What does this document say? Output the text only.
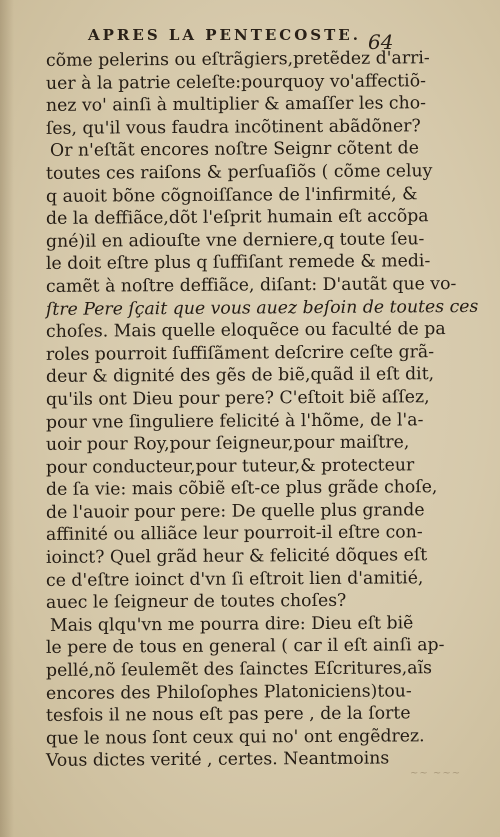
APRES LA PENTECOSTE. 64
cõme pelerins ou eſtrãgiers,pretẽdez d'arri-
uer à la patrie celeſte:pourquoy vo'affectiõ-
nez vo' ainſi à multiplier & amaſſer les cho-
ſes, qu'il vous faudra incõtinent abãdõner?
Or n'eſtãt encores noſtre Seignr cõtent de
toutes ces raiſons & perſuaſiõs ( cõme celuy
q auoit bõne cõgnoiſſance de l'infirmité, &
de la deffiãce,dõt l'eſprit humain eſt accõpa
gné)il en adiouſte vne derniere,q toute ſeu-
le doit eſtre plus q ſuffiſant remede & medi-
camẽt à noſtre deffiãce, diſant: D'autãt que vo-
ſtre Pere ſçait que vous auez beſoin de toutes ces
choſes. Mais quelle eloquẽce ou faculté de pa
roles pourroit ſuffiſãment deſcrire ceſte grã-
deur & dignité des gẽs de biẽ,quãd il eſt dit,
qu'ils ont Dieu pour pere? C'eſtoit biẽ aſſez,
pour vne ſinguliere felicité à l'hõme, de l'a-
uoir pour Roy,pour ſeigneur,pour maiſtre,
pour conducteur,pour tuteur,& protecteur
de ſa vie: mais cõbiẽ eſt-ce plus grãde choſe,
de l'auoir pour pere: De quelle plus grande
affinité ou alliãce leur pourroit-il eſtre con-
ioinct? Quel grãd heur & felicité dõques eſt
ce d'eſtre ioinct d'vn ſi eſtroit lien d'amitié,
auec le ſeigneur de toutes choſes?
Mais qlqu'vn me pourra dire: Dieu eſt biẽ
le pere de tous en general ( car il eſt ainſi ap-
pellé,nõ ſeulemẽt des ſainctes Eſcritures,aĩs
encores des Philoſophes Platoniciens)tou-
tesfois il ne nous eſt pas pere , de la ſorte
que le nous ſont ceux qui no' ont engẽdrez.
Vous dictes verité , certes. Neantmoins
~~ ~~~
